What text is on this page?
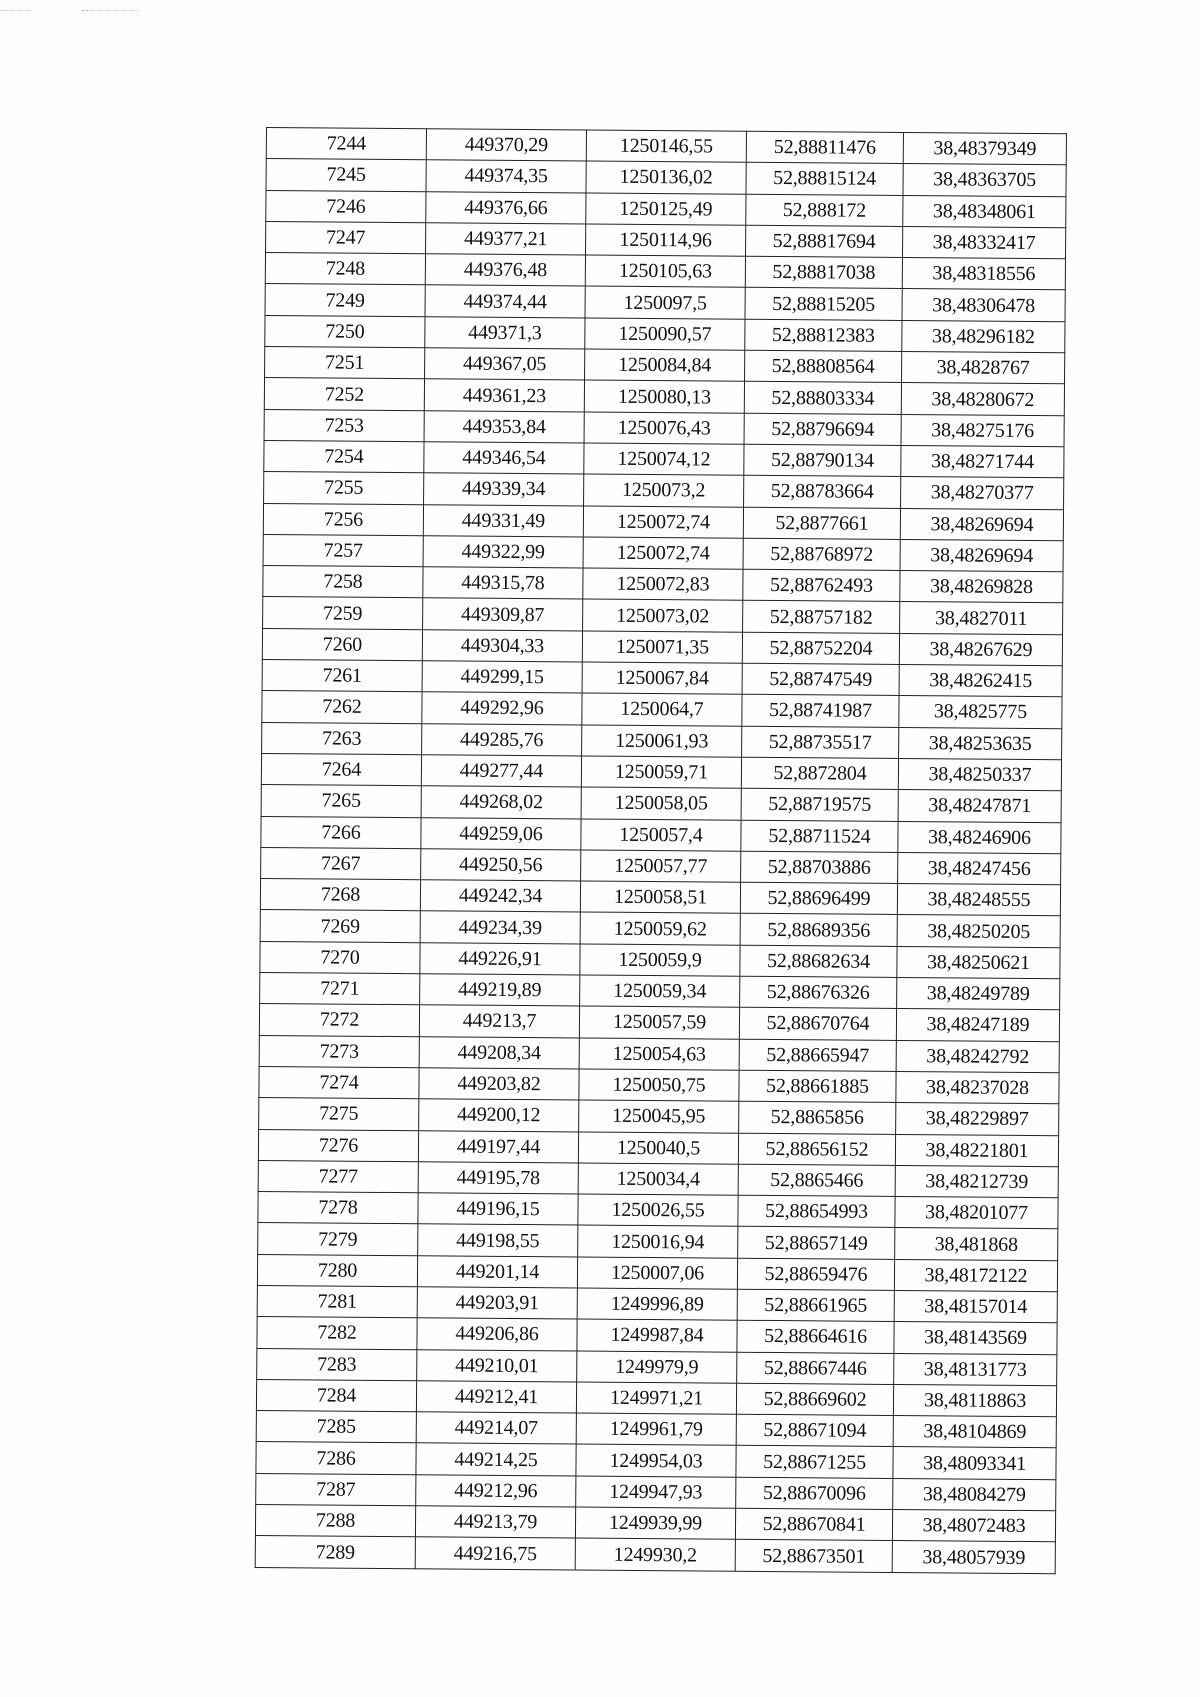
7244	449370,29	1250146,55	52,88811476	38,48379349
7245	449374,35	1250136,02	52,88815124	38,48363705
7246	449376,66	1250125,49	52,888172	38,48348061
7247	449377,21	1250114,96	52,88817694	38,48332417
7248	449376,48	1250105,63	52,88817038	38,48318556
7249	449374,44	1250097,5	52,88815205	38,48306478
7250	449371,3	1250090,57	52,88812383	38,48296182
7251	449367,05	1250084,84	52,88808564	38,4828767
7252	449361,23	1250080,13	52,88803334	38,48280672
7253	449353,84	1250076,43	52,88796694	38,48275176
7254	449346,54	1250074,12	52,88790134	38,48271744
7255	449339,34	1250073,2	52,88783664	38,48270377
7256	449331,49	1250072,74	52,8877661	38,48269694
7257	449322,99	1250072,74	52,88768972	38,48269694
7258	449315,78	1250072,83	52,88762493	38,48269828
7259	449309,87	1250073,02	52,88757182	38,4827011
7260	449304,33	1250071,35	52,88752204	38,48267629
7261	449299,15	1250067,84	52,88747549	38,48262415
7262	449292,96	1250064,7	52,88741987	38,4825775
7263	449285,76	1250061,93	52,88735517	38,48253635
7264	449277,44	1250059,71	52,8872804	38,48250337
7265	449268,02	1250058,05	52,88719575	38,48247871
7266	449259,06	1250057,4	52,88711524	38,48246906
7267	449250,56	1250057,77	52,88703886	38,48247456
7268	449242,34	1250058,51	52,88696499	38,48248555
7269	449234,39	1250059,62	52,88689356	38,48250205
7270	449226,91	1250059,9	52,88682634	38,48250621
7271	449219,89	1250059,34	52,88676326	38,48249789
7272	449213,7	1250057,59	52,88670764	38,48247189
7273	449208,34	1250054,63	52,88665947	38,48242792
7274	449203,82	1250050,75	52,88661885	38,48237028
7275	449200,12	1250045,95	52,8865856	38,48229897
7276	449197,44	1250040,5	52,88656152	38,48221801
7277	449195,78	1250034,4	52,8865466	38,48212739
7278	449196,15	1250026,55	52,88654993	38,48201077
7279	449198,55	1250016,94	52,88657149	38,481868
7280	449201,14	1250007,06	52,88659476	38,48172122
7281	449203,91	1249996,89	52,88661965	38,48157014
7282	449206,86	1249987,84	52,88664616	38,48143569
7283	449210,01	1249979,9	52,88667446	38,48131773
7284	449212,41	1249971,21	52,88669602	38,48118863
7285	449214,07	1249961,79	52,88671094	38,48104869
7286	449214,25	1249954,03	52,88671255	38,48093341
7287	449212,96	1249947,93	52,88670096	38,48084279
7288	449213,79	1249939,99	52,88670841	38,48072483
7289	449216,75	1249930,2	52,88673501	38,48057939
